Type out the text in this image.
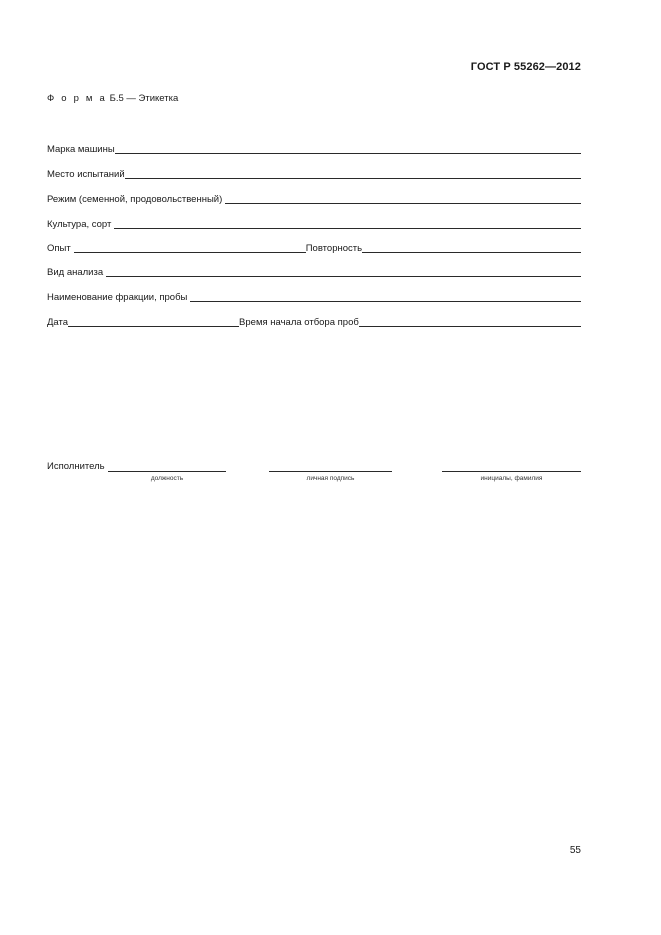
ГОСТ Р 55262—2012
Ф о р м а Б.5 — Этикетка
Марка машины
Место испытаний
Режим (семенной, продовольственный)
Культура, сорт
Опыт	Повторность
Вид анализа
Наименование фракции, пробы
Дата	Время начала отбора проб
Исполнитель
должность	личная подпись	инициалы, фамилия
55
